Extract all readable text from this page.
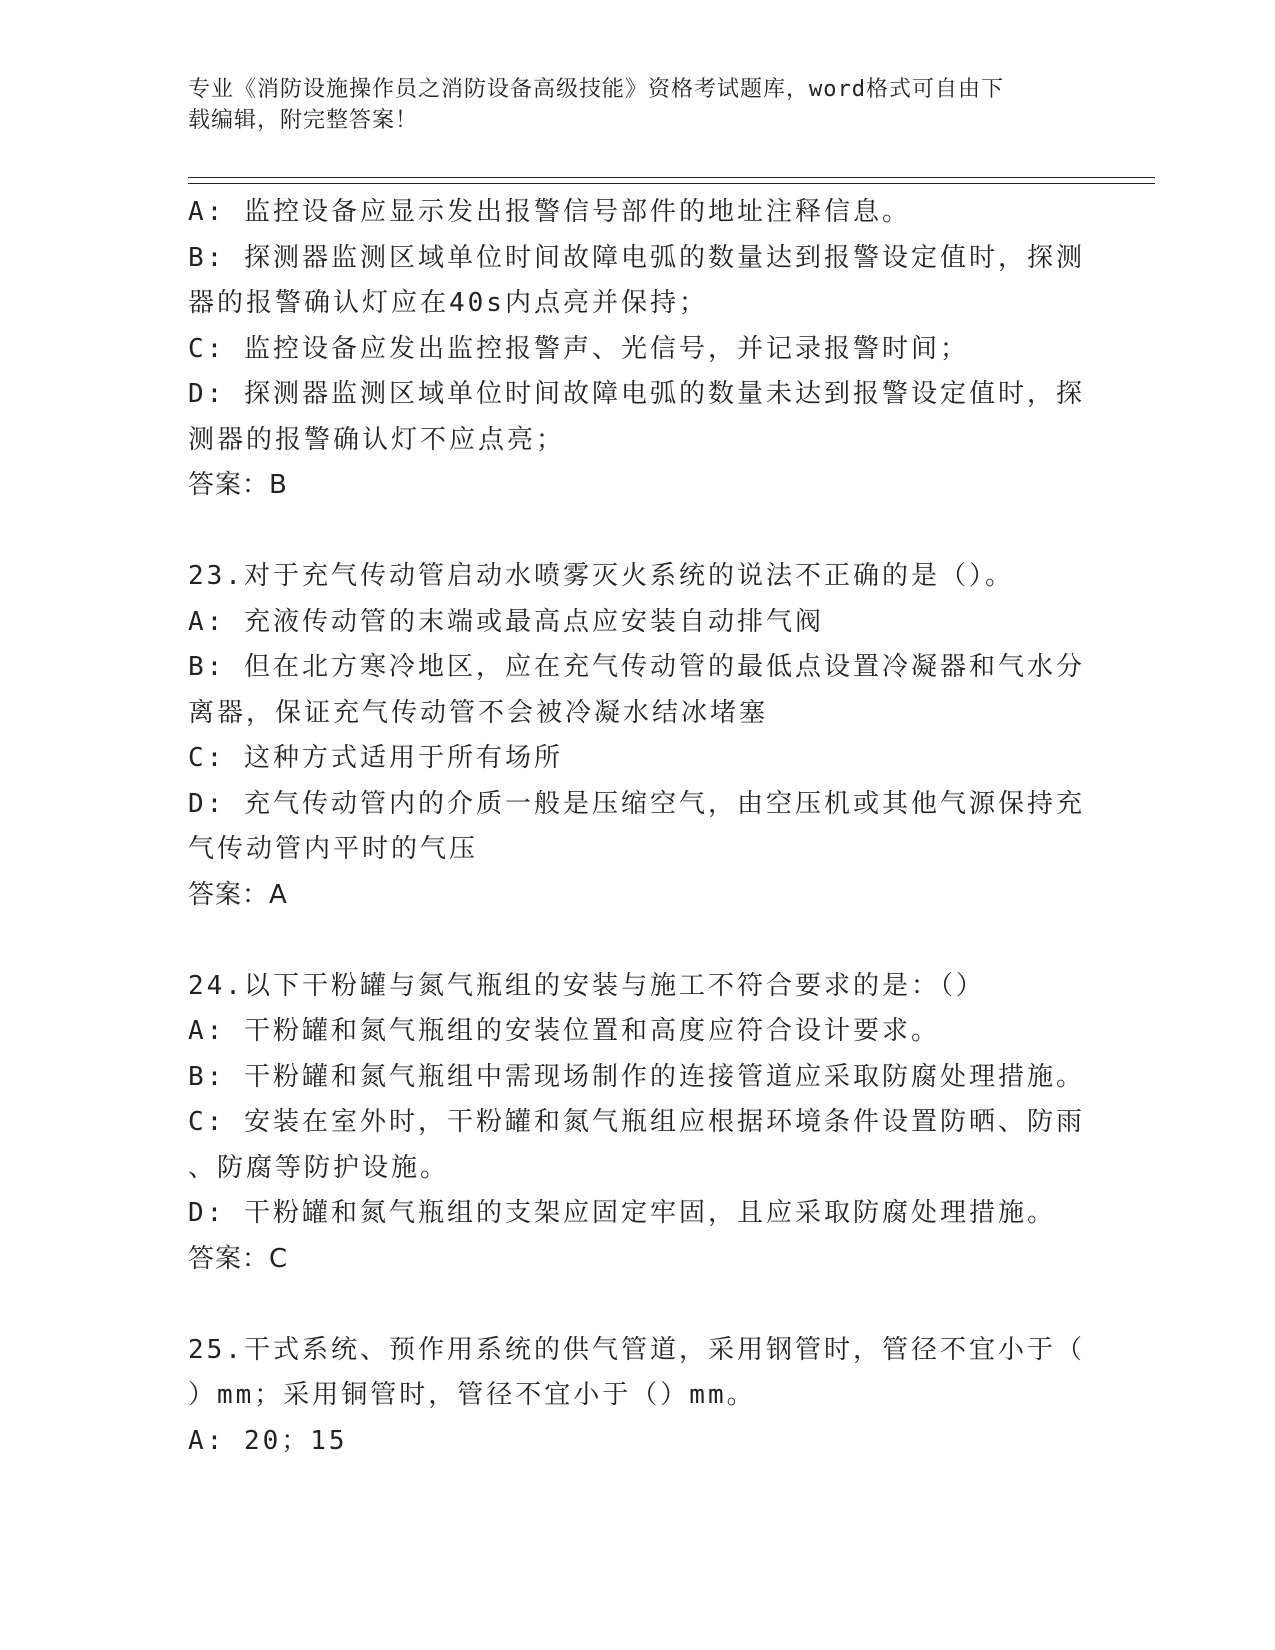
专业《消防设施操作员之消防设备高级技能》资格考试题库，word格式可自由下
载编辑，附完整答案！
A: 监控设备应显示发出报警信号部件的地址注释信息。
B: 探测器监测区域单位时间故障电弧的数量达到报警设定值时，探测
器的报警确认灯应在40s内点亮并保持；
C: 监控设备应发出监控报警声、光信号，并记录报警时间；
D: 探测器监测区域单位时间故障电弧的数量未达到报警设定值时，探
测器的报警确认灯不应点亮；
答案：B
23.对于充气传动管启动水喷雾灭火系统的说法不正确的是（）。
A: 充液传动管的末端或最高点应安装自动排气阀
B: 但在北方寒冷地区，应在充气传动管的最低点设置冷凝器和气水分
离器，保证充气传动管不会被冷凝水结冰堵塞
C: 这种方式适用于所有场所
D: 充气传动管内的介质一般是压缩空气，由空压机或其他气源保持充
气传动管内平时的气压
答案：A
24.以下干粉罐与氮气瓶组的安装与施工不符合要求的是：（）
A: 干粉罐和氮气瓶组的安装位置和高度应符合设计要求。
B: 干粉罐和氮气瓶组中需现场制作的连接管道应采取防腐处理措施。
C: 安装在室外时，干粉罐和氮气瓶组应根据环境条件设置防晒、防雨
、防腐等防护设施。
D: 干粉罐和氮气瓶组的支架应固定牢固，且应采取防腐处理措施。
答案：C
25.干式系统、预作用系统的供气管道，采用钢管时，管径不宜小于（
）mm；采用铜管时，管径不宜小于（）mm。
A: 20；15
